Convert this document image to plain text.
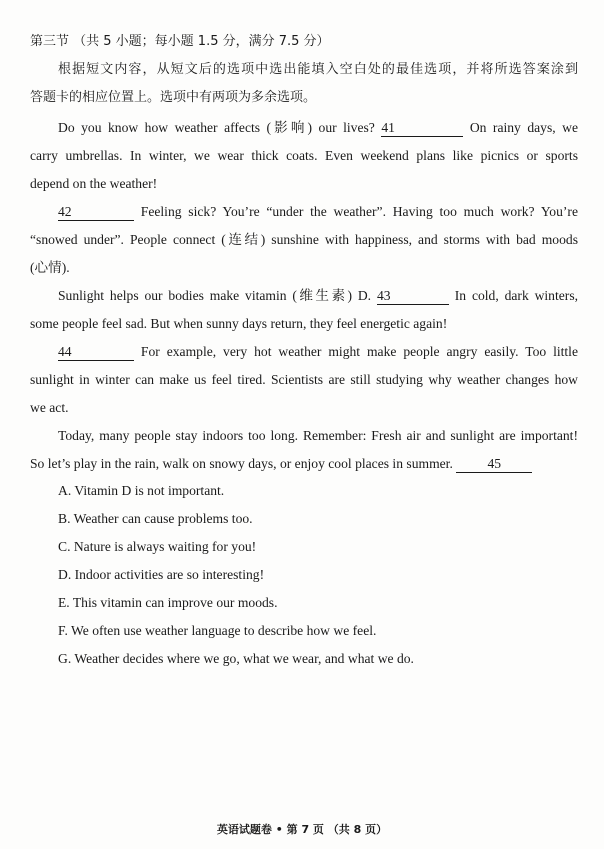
第三节 （共 5 小题；每小题 1.5 分，满分 7.5 分）
根据短文内容，从短文后的选项中选出能填入空白处的最佳选项，并将所选答案涂到
答题卡的相应位置上。选项中有两项为多余选项。
Do you know how weather affects (影响) our lives? 41	On rainy days, we
carry umbrellas. In winter, we wear thick coats. Even weekend plans like picnics or sports
depend on the weather!
42	Feeling sick? You’re “under the weather”. Having too much work? You’re
“snowed under”. People connect (连结) sunshine with happiness, and storms with bad moods
(心情).
Sunlight helps our bodies make vitamin (维生素) D. 43	In cold, dark winters,
some people feel sad. But when sunny days return, they feel energetic again!
44	For example, very hot weather might make people angry easily. Too little
sunlight in winter can make us feel tired. Scientists are still studying why weather changes how
we act.
Today, many people stay indoors too long. Remember: Fresh air and sunlight are important!
So let’s play in the rain, walk on snowy days, or enjoy cool places in summer. 45
A. Vitamin D is not important.
B. Weather can cause problems too.
C. Nature is always waiting for you!
D. Indoor activities are so interesting!
E. This vitamin can improve our moods.
F. We often use weather language to describe how we feel.
G. Weather decides where we go, what we wear, and what we do.
英语试题卷 • 第 7 页 （共 8 页）
